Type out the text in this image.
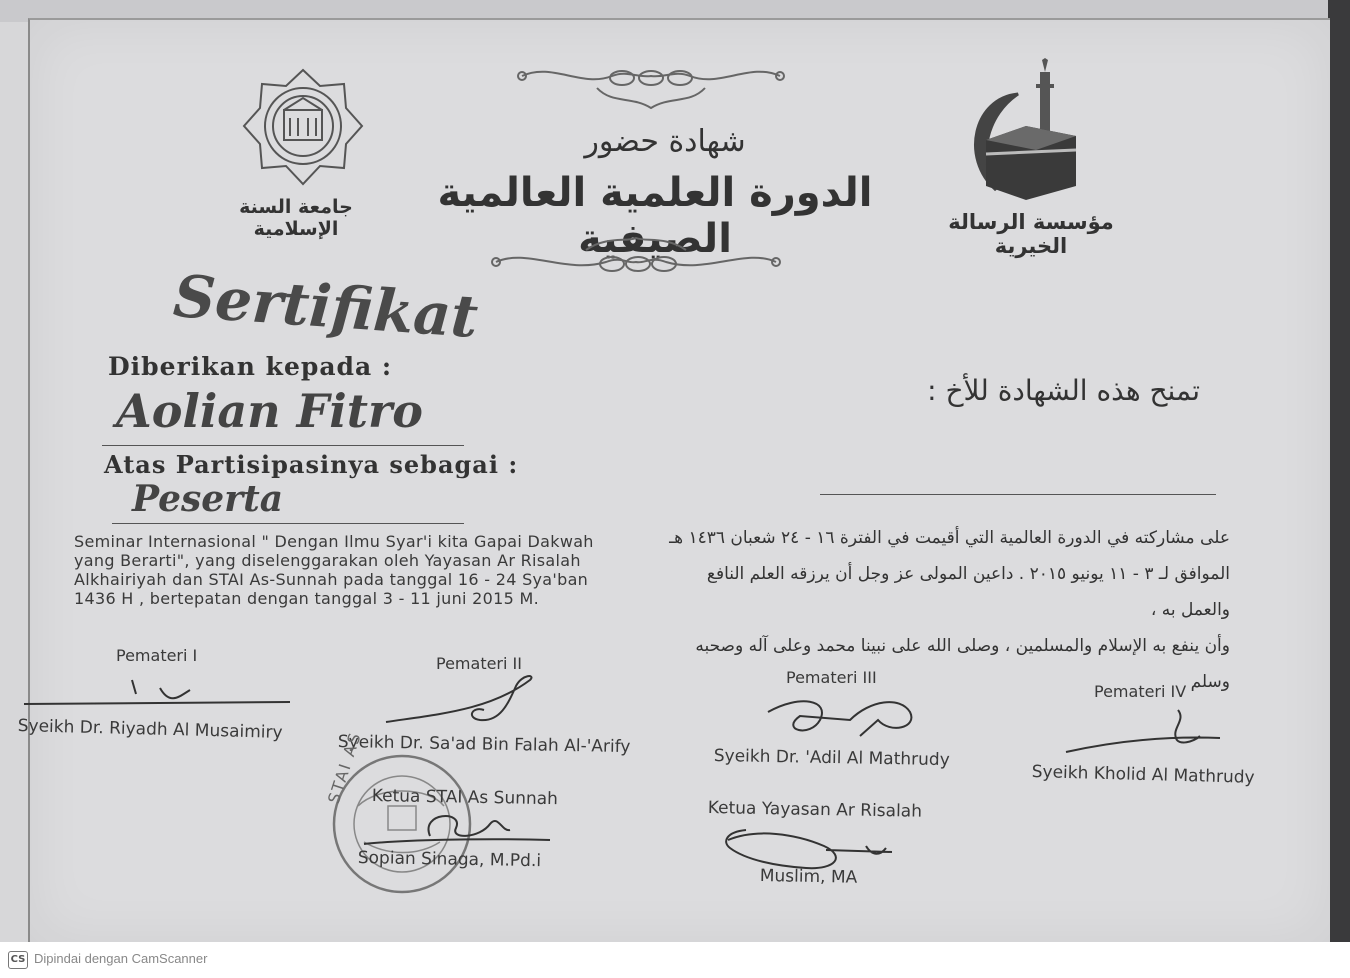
جامعة السنة الإسلامية
شهادة حضور
الدورة العلمية العالمية الصيفية	مؤسسة الرسالة الخيرية
Sertifikat
Diberikan kepada :
Aolian Fitro
Atas Partisipasinya sebagai :
Peserta
تمنح هذه الشهادة للأخ :
Seminar Internasional " Dengan Ilmu Syar'i kita Gapai Dakwah
yang Berarti", yang diselenggarakan oleh Yayasan Ar Risalah
Alkhairiyah dan STAI As-Sunnah pada tanggal 16 - 24 Sya'ban
1436 H , bertepatan dengan tanggal 3 - 11 juni 2015 M.
على مشاركته في الدورة العالمية التي أقيمت في الفترة ١٦ - ٢٤ شعبان ١٤٣٦ هـ
الموافق لـ ٣ - ١١ يونيو ٢٠١٥ . داعين المولى عز وجل أن يرزقه العلم النافع والعمل به ،
وأن ينفع به الإسلام والمسلمين ، وصلى الله على نبينا محمد وعلى آله وصحبه وسلم
Pemateri I
Syeikh Dr. Riyadh Al Musaimiry
Pemateri II
Syeikh Dr. Sa'ad Bin Falah Al-'Arify
Pemateri III
Syeikh Dr. 'Adil Al Mathrudy
Pemateri IV
Syeikh Kholid Al Mathrudy
STAI AS Ketua STAI As Sunnah
Sopian Sinaga, M.Pd.i
Ketua Yayasan Ar Risalah
Muslim, MA
CS Dipindai dengan CamScanner
